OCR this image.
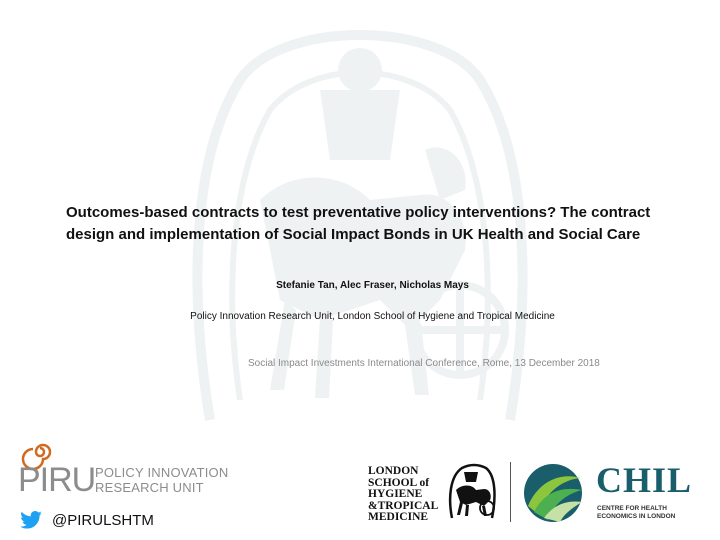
Outcomes-based contracts to test preventative policy interventions? The contract design and implementation of Social Impact Bonds in UK Health and Social Care
Stefanie Tan, Alec Fraser, Nicholas Mays
Policy Innovation Research Unit, London School of Hygiene and Tropical Medicine
Social Impact Investments International Conference, Rome, 13 December 2018
PIRU POLICY INNOVATION
RESEARCH UNIT
@PIRULSHTM
LONDON
SCHOOL of
HYGIENE
&TROPICAL
MEDICINE
CHIL
CENTRE FOR HEALTH
ECONOMICS IN LONDON
